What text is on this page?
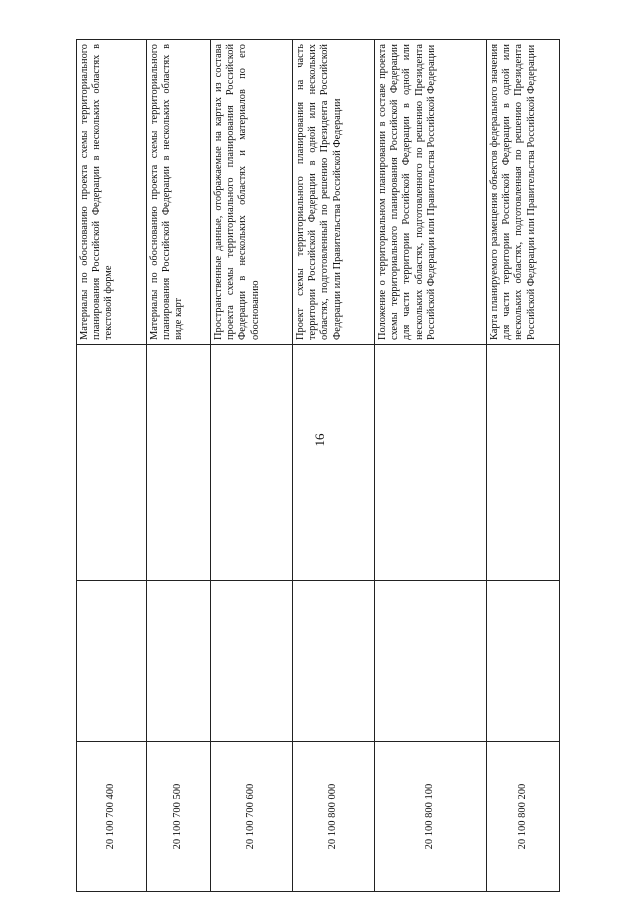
16
20 100 700 400			Материалы по обоснованию проекта схемы территориального планирования Российской Федерации в нескольких областях в текстовой форме
20 100 700 500			Материалы по обоснованию проекта схемы территориального планирования Российской Федерации в нескольких областях в виде карт
20 100 700 600			Пространственные данные, отображаемые на картах из состава проекта схемы территориального планирования Российской Федерации в нескольких областях и материалов по его обоснованию
20 100 800 000			Проект схемы территориального планирования на часть территории Российской Федерации в одной или нескольких областях, подготовленный по решению Президента Российской Федерации или Правительства Российской Федерации
20 100 800 100			Положение о территориальном планировании в составе проекта схемы территориального планирования Российской Федерации для части территории Российской Федерации в одной или нескольких областях, подготовленного по решению Президента Российской Федерации или Правительства Российской Федерации
20 100 800 200			Карта планируемого размещения объектов федерального значения для части территории Российской Федерации в одной или нескольких областях, подготовленная по решению Президента Российской Федерации или Правительства Российской Федерации
